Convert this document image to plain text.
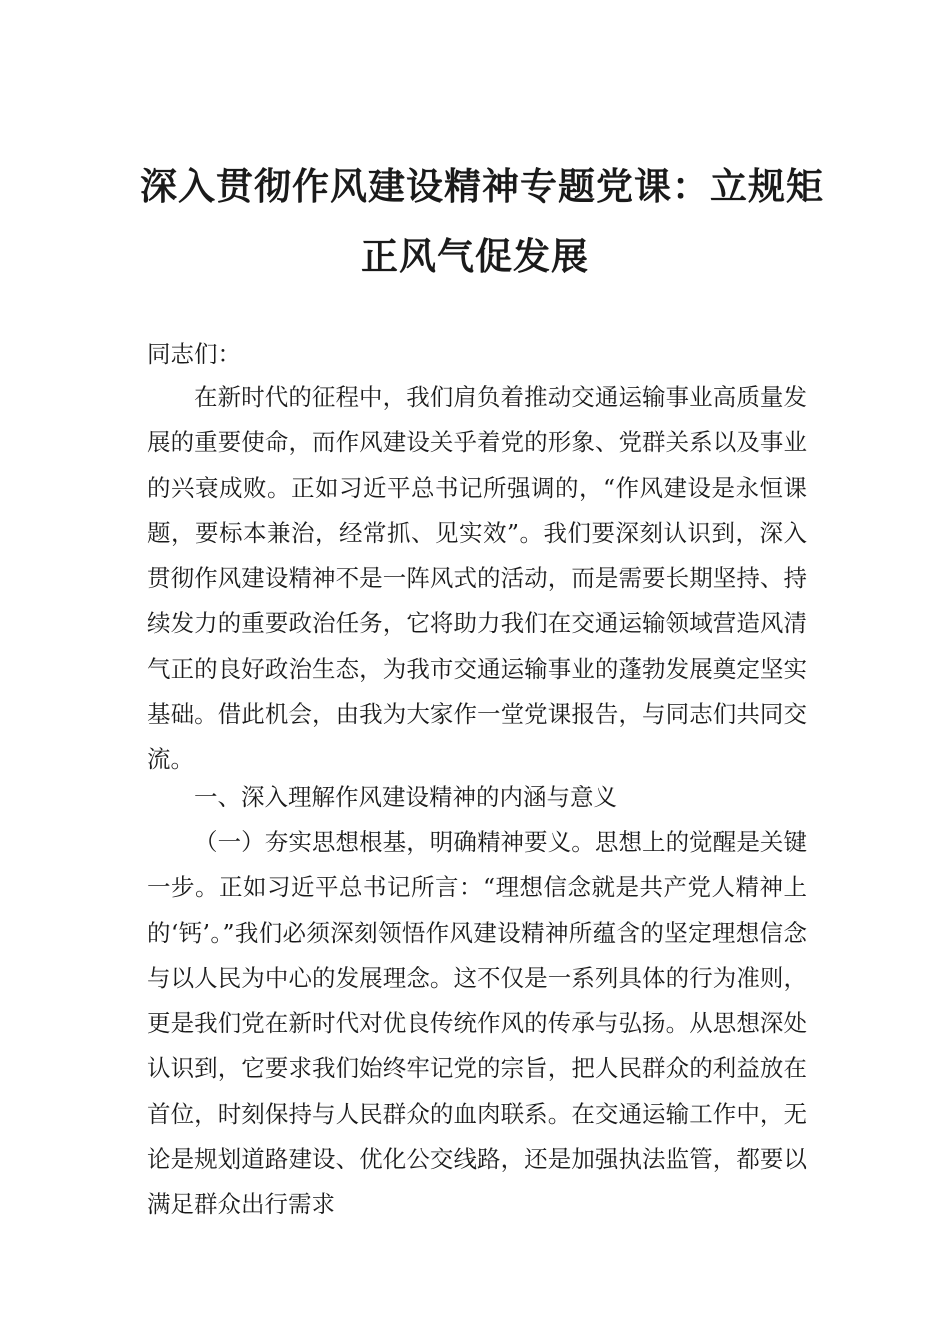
深入贯彻作风建设精神专题党课：立规矩
正风气促发展
同志们：

在新时代的征程中，我们肩负着推动交通运输事业高质量发展的重要使命，而作风建设关乎着党的形象、党群关系以及事业的兴衰成败。正如习近平总书记所强调的，“作风建设是永恒课题，要标本兼治，经常抓、见实效”。我们要深刻认识到，深入贯彻作风建设精神不是一阵风式的活动，而是需要长期坚持、持续发力的重要政治任务，它将助力我们在交通运输领域营造风清气正的良好政治生态，为我市交通运输事业的蓬勃发展奠定坚实基础。借此机会，由我为大家作一堂党课报告，与同志们共同交流。

一、深入理解作风建设精神的内涵与意义

（一）夯实思想根基，明确精神要义。思想上的觉醒是关键一步。正如习近平总书记所言：“理想信念就是共产党人精神上的‘钙’。”我们必须深刻领悟作风建设精神所蕴含的坚定理想信念与以人民为中心的发展理念。这不仅是一系列具体的行为准则，更是我们党在新时代对优良传统作风的传承与弘扬。从思想深处认识到，它要求我们始终牢记党的宗旨，把人民群众的利益放在首位，时刻保持与人民群众的血肉联系。在交通运输工作中，无论是规划道路建设、优化公交线路，还是加强执法监管，都要以满足群众出行需求
